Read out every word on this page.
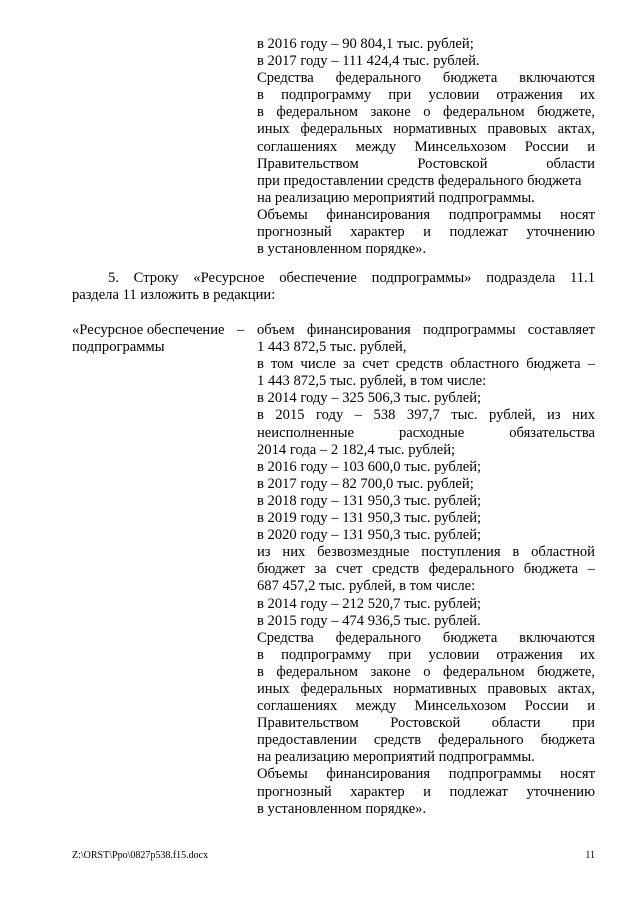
в 2016 году – 90 804,1 тыс. рублей;
в 2017 году – 111 424,4 тыс. рублей.
Средства федерального бюджета включаются
в подпрограмму при условии отражения их
в федеральном законе о федеральном бюджете,
иных федеральных нормативных правовых актах,
соглашениях между Минсельхозом России и
Правительством Ростовской области
при предоставлении средств федерального бюджета
на реализацию мероприятий подпрограммы.
Объемы финансирования подпрограммы носят
прогнозный характер и подлежат уточнению
в установленном порядке».
5. Строку «Ресурсное обеспечение подпрограммы» подраздела 11.1
раздела 11 изложить в редакции:
«Ресурсное обеспечение
подпрограммы
– объем финансирования подпрограммы составляет
1 443 872,5 тыс. рублей,
в том числе за счет средств областного бюджета –
1 443 872,5 тыс. рублей, в том числе:
в 2014 году – 325 506,3 тыс. рублей;
в 2015 году – 538 397,7 тыс. рублей, из них
неисполненные расходные обязательства
2014 года – 2 182,4 тыс. рублей;
в 2016 году – 103 600,0 тыс. рублей;
в 2017 году – 82 700,0 тыс. рублей;
в 2018 году – 131 950,3 тыс. рублей;
в 2019 году – 131 950,3 тыс. рублей;
в 2020 году – 131 950,3 тыс. рублей;
из них безвозмездные поступления в областной
бюджет за счет средств федерального бюджета –
687 457,2 тыс. рублей, в том числе:
в 2014 году – 212 520,7 тыс. рублей;
в 2015 году – 474 936,5 тыс. рублей.
Средства федерального бюджета включаются
в подпрограмму при условии отражения их
в федеральном законе о федеральном бюджете,
иных федеральных нормативных правовых актах,
соглашениях между Минсельхозом России и
Правительством Ростовской области при
предоставлении средств федерального бюджета
на реализацию мероприятий подпрограммы.
Объемы финансирования подпрограммы носят
прогнозный характер и подлежат уточнению
в установленном порядке».
Z:\ORST\Ppo\0827p538.f15.docx	11
